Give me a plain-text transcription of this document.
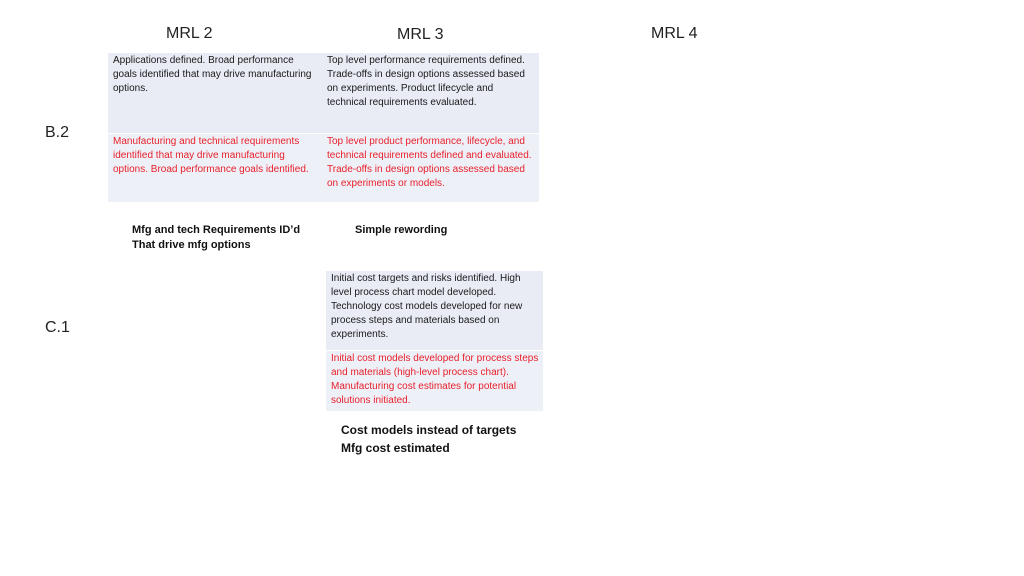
MRL 2	MRL 3	MRL 4
B.2
C.1
Applications defined. Broad performance goals identified that may drive manufacturing options.
Top level performance requirements defined. Trade-offs in design options assessed based on experiments. Product lifecycle and technical requirements evaluated.
Manufacturing and technical requirements identified that may drive manufacturing options. Broad performance goals identified.
Top level product performance, lifecycle, and technical requirements defined and evaluated. Trade-offs in design options assessed based on experiments or models.
Mfg and tech Requirements ID’d
That drive mfg options
Simple rewording
Initial cost targets and risks identified. High level process chart model developed. Technology cost models developed for new process steps and materials based on experiments.
Initial cost models developed for process steps and materials (high-level process chart). Manufacturing cost estimates for potential solutions initiated.
Cost models instead of targets
Mfg cost estimated
